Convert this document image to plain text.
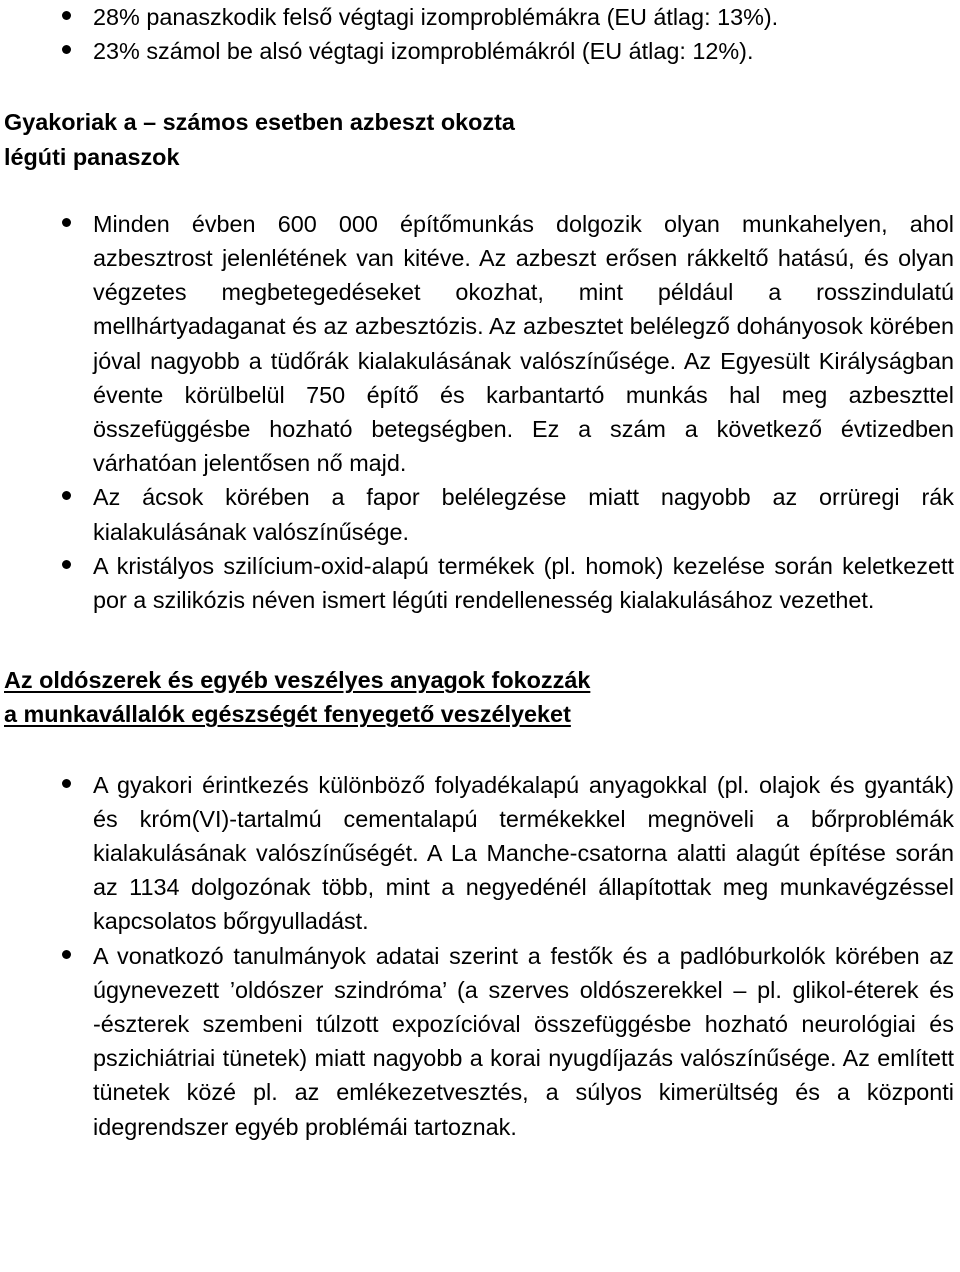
28% panaszkodik felső végtagi izomproblémákra (EU átlag: 13%).
23% számol be alsó végtagi izomproblémákról (EU átlag: 12%).
Gyakoriak a – számos esetben azbeszt okozta
légúti panaszok
Minden évben 600 000 építőmunkás dolgozik olyan munkahelyen, ahol azbesztrost jelenlétének van kitéve. Az azbeszt erősen rákkeltő hatású, és olyan végzetes megbetegedéseket okozhat, mint például a rosszindulatú mellhártyadaganat és az azbesztózis. Az azbesztet belélegző dohányosok körében jóval nagyobb a tüdőrák kialakulásának valószínűsége. Az Egyesült Királyságban évente körülbelül 750 építő és karbantartó munkás hal meg azbeszttel összefüggésbe hozható betegségben. Ez a szám a következő évtizedben várhatóan jelentősen nő majd.
Az ácsok körében a fapor belélegzése miatt nagyobb az orrüregi rák kialakulásának valószínűsége.
A kristályos szilícium-oxid-alapú termékek (pl. homok) kezelése során keletkezett por a szilikózis néven ismert légúti rendellenesség kialakulásához vezethet.
Az oldószerek és egyéb veszélyes anyagok fokozzák
a munkavállalók egészségét fenyegető veszélyeket
A gyakori érintkezés különböző folyadékalapú anyagokkal (pl. olajok és gyanták) és króm(VI)-tartalmú cementalapú termékekkel megnöveli a bőrproblémák kialakulásának valószínűségét. A La Manche-csatorna alatti alagút építése során az 1134 dolgozónak több, mint a negyedénél állapítottak meg munkavégzéssel kapcsolatos bőrgyulladást.
A vonatkozó tanulmányok adatai szerint a festők és a padlóburkolók körében az úgynevezett ’oldószer szindróma’ (a szerves oldószerekkel – pl. glikol-éterek és -észterek szembeni túlzott expozícióval összefüggésbe hozható neurológiai és pszichiátriai tünetek) miatt nagyobb a korai nyugdíjazás valószínűsége. Az említett tünetek közé pl. az emlékezetvesztés, a súlyos kimerültség és a központi idegrendszer egyéb problémái tartoznak.
